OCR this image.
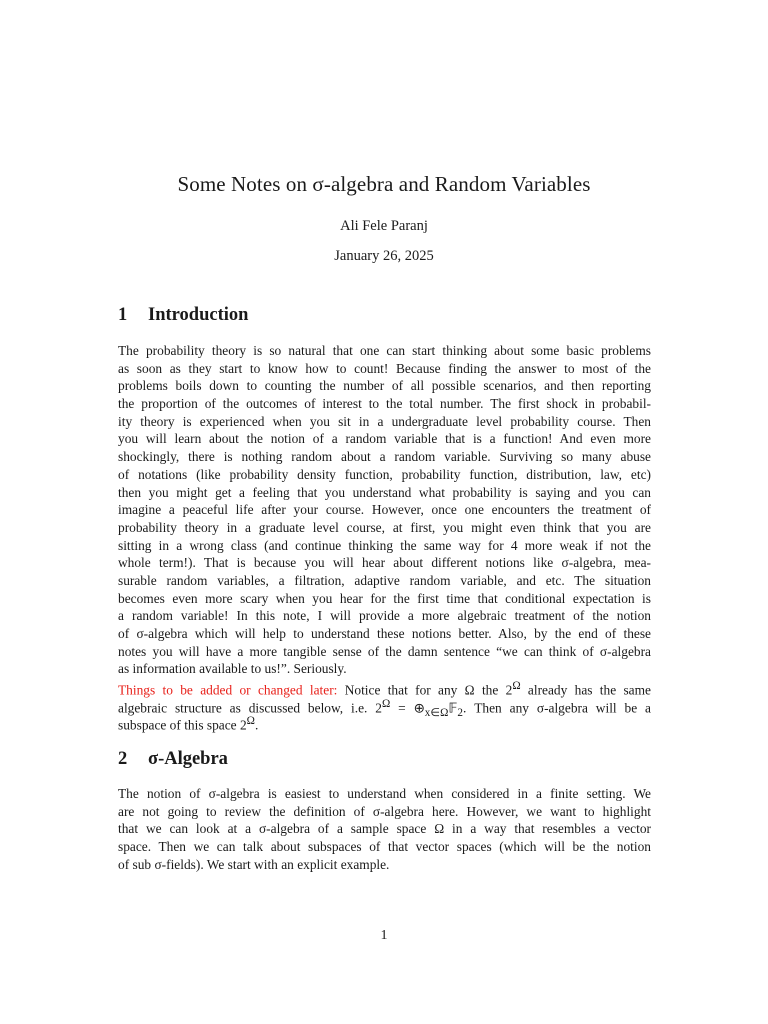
Some Notes on σ-algebra and Random Variables
Ali Fele Paranj
January 26, 2025
1 Introduction
The probability theory is so natural that one can start thinking about some basic problems
as soon as they start to know how to count! Because finding the answer to most of the
problems boils down to counting the number of all possible scenarios, and then reporting
the proportion of the outcomes of interest to the total number. The first shock in probabil-
ity theory is experienced when you sit in a undergraduate level probability course. Then
you will learn about the notion of a random variable that is a function! And even more
shockingly, there is nothing random about a random variable. Surviving so many abuse
of notations (like probability density function, probability function, distribution, law, etc)
then you might get a feeling that you understand what probability is saying and you can
imagine a peaceful life after your course. However, once one encounters the treatment of
probability theory in a graduate level course, at first, you might even think that you are
sitting in a wrong class (and continue thinking the same way for 4 more weak if not the
whole term!). That is because you will hear about different notions like σ-algebra, mea-
surable random variables, a filtration, adaptive random variable, and etc. The situation
becomes even more scary when you hear for the first time that conditional expectation is
a random variable! In this note, I will provide a more algebraic treatment of the notion
of σ-algebra which will help to understand these notions better. Also, by the end of these
notes you will have a more tangible sense of the damn sentence “we can think of σ-algebra
as information available to us!”. Seriously.
Things to be added or changed later: Notice that for any Ω the $2^\Omega$ already has the same
algebraic structure as discussed below, i.e. $2^\Omega$ = $\oplus_{x\in\Omega}𝔽_2$. Then any σ-algebra will be a
subspace of this space $2^\Omega$.
2 σ-Algebra
The notion of σ-algebra is easiest to understand when considered in a finite setting. We
are not going to review the definition of σ-algebra here. However, we want to highlight
that we can look at a σ-algebra of a sample space Ω in a way that resembles a vector
space. Then we can talk about subspaces of that vector spaces (which will be the notion
of sub σ-fields). We start with an explicit example.
1
